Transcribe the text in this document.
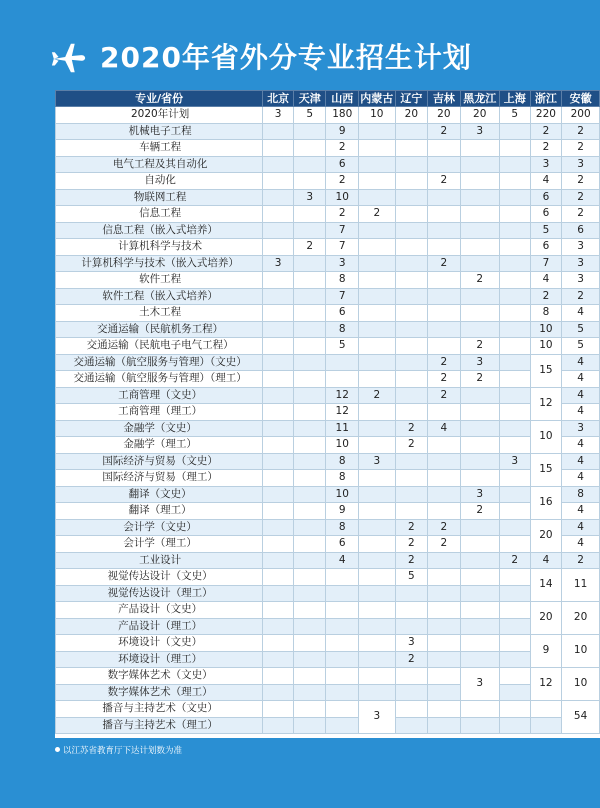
2020年省外分专业招生计划
专业/省份	北京	天津	山西	内蒙古	辽宁	吉林	黑龙江	上海	浙江	安徽
2020年计划	3	5	180	10	20	20	20	5	220	200
机械电子工程			9			2	3		2	2
车辆工程			2						2	2
电气工程及其自动化			6						3	3
自动化			2			2			4	2
物联网工程		3	10						6	2
信息工程			2	2					6	2
信息工程（嵌入式培养）			7						5	6
计算机科学与技术		2	7						6	3
计算机科学与技术（嵌入式培养）	3		3			2			7	3
软件工程			8				2		4	3
软件工程（嵌入式培养）			7						2	2
土木工程			6						8	4
交通运输（民航机务工程）			8						10	5
交通运输（民航电子电气工程）			5				2		10	5
交通运输（航空服务与管理）（文史）						2	3		15	4
交通运输（航空服务与管理）（理工）						2	2			4
工商管理（文史）			12	2		2			12	4
工商管理（理工）			12							4
金融学（文史）			11		2	4			10	3
金融学（理工）			10		2					4
国际经济与贸易（文史）			8	3				3	15	4
国际经济与贸易（理工）			8							4
翻译（文史）			10				3		16	8
翻译（理工）			9				2			4
会计学（文史）			8		2	2			20	4
会计学（理工）			6		2	2				4
工业设计			4		2			2	4	2
视觉传达设计（文史）					5				14	11
视觉传达设计（理工）										
产品设计（文史）									20	20
产品设计（理工）										
环境设计（文史）					3				9	10
环境设计（理工）					2					
数字媒体艺术（文史）							3		12	10
数字媒体艺术（理工）										
播音与主持艺术（文史）				3						54
播音与主持艺术（理工）										
以江苏省教育厅下达计划数为准
